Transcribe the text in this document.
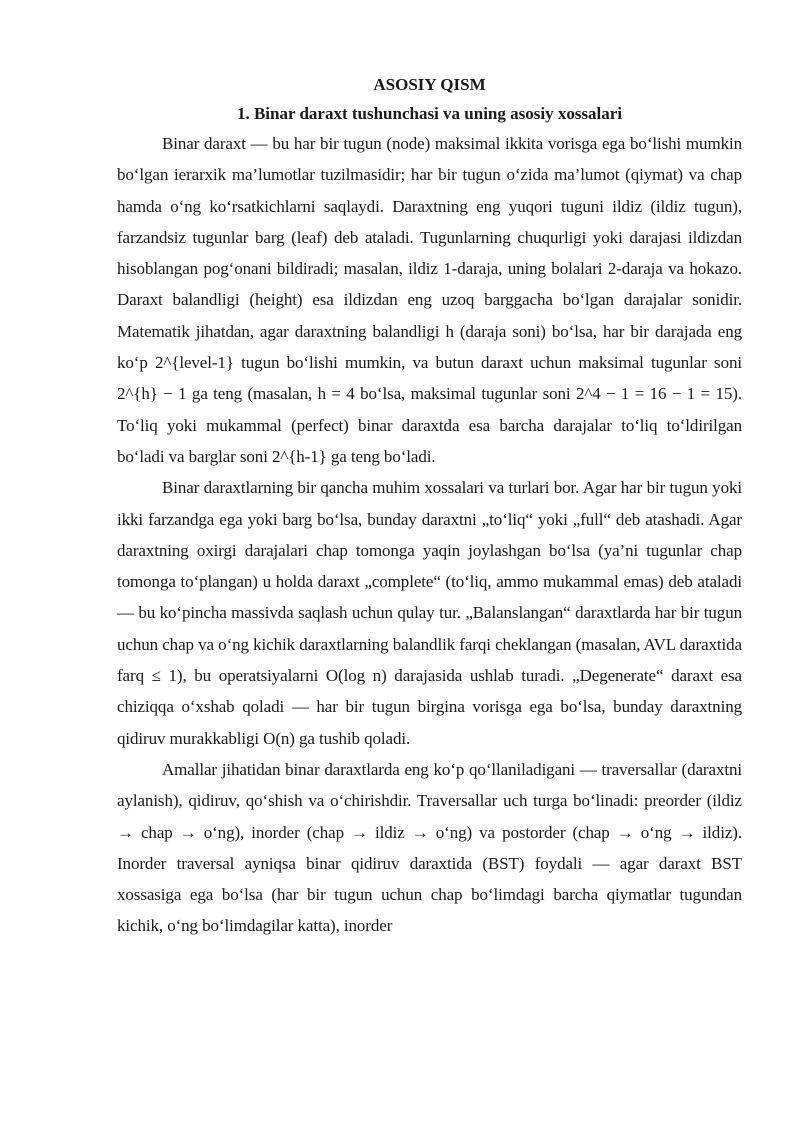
ASOSIY QISM

1. Binar daraxt tushunchasi va uning asosiy xossalari

Binar daraxt — bu har bir tugun (node) maksimal ikkita vorisga ega bo‘lishi mumkin bo‘lgan ierarxik ma’lumotlar tuzilmasidir; har bir tugun o‘zida ma’lumot (qiymat) va chap hamda o‘ng ko‘rsatkichlarni saqlaydi. Daraxtning eng yuqori tuguni ildiz (ildiz tugun), farzandsiz tugunlar barg (leaf) deb ataladi. Tugunlarning chuqurligi yoki darajasi ildizdan hisoblangan pog‘onani bildiradi; masalan, ildiz 1-daraja, uning bolalari 2-daraja va hokazo. Daraxt balandligi (height) esa ildizdan eng uzoq barggacha bo‘lgan darajalar sonidir. Matematik jihatdan, agar daraxtning balandligi h (daraja soni) bo‘lsa, har bir darajada eng ko‘p 2^{level-1} tugun bo‘lishi mumkin, va butun daraxt uchun maksimal tugunlar soni 2^{h} − 1 ga teng (masalan, h = 4 bo‘lsa, maksimal tugunlar soni 2^4 − 1 = 16 − 1 = 15). To‘liq yoki mukammal (perfect) binar daraxtda esa barcha darajalar to‘liq to‘ldirilgan bo‘ladi va barglar soni 2^{h-1} ga teng bo‘ladi.

Binar daraxtlarning bir qancha muhim xossalari va turlari bor. Agar har bir tugun yoki ikki farzandga ega yoki barg bo‘lsa, bunday daraxtni „to‘liq“ yoki „full“ deb atashadi. Agar daraxtning oxirgi darajalari chap tomonga yaqin joylashgan bo‘lsa (ya’ni tugunlar chap tomonga to‘plangan) u holda daraxt „complete“ (to‘liq, ammo mukammal emas) deb ataladi — bu ko‘pincha massivda saqlash uchun qulay tur. „Balanslangan“ daraxtlarda har bir tugun uchun chap va o‘ng kichik daraxtlarning balandlik farqi cheklangan (masalan, AVL daraxtida farq ≤ 1), bu operatsiyalarni O(log n) darajasida ushlab turadi. „Degenerate“ daraxt esa chiziqqa o‘xshab qoladi — har bir tugun birgina vorisga ega bo‘lsa, bunday daraxtning qidiruv murakkabligi O(n) ga tushib qoladi.

Amallar jihatidan binar daraxtlarda eng ko‘p qo‘llaniladigani — traversallar (daraxtni aylanish), qidiruv, qo‘shish va o‘chirishdir. Traversallar uch turga bo‘linadi: preorder (ildiz → chap → o‘ng), inorder (chap → ildiz → o‘ng) va postorder (chap → o‘ng → ildiz). Inorder traversal ayniqsa binar qidiruv daraxtida (BST) foydali — agar daraxt BST xossasiga ega bo‘lsa (har bir tugun uchun chap bo‘limdagi barcha qiymatlar tugundan kichik, o‘ng bo‘limdagilar katta), inorder
